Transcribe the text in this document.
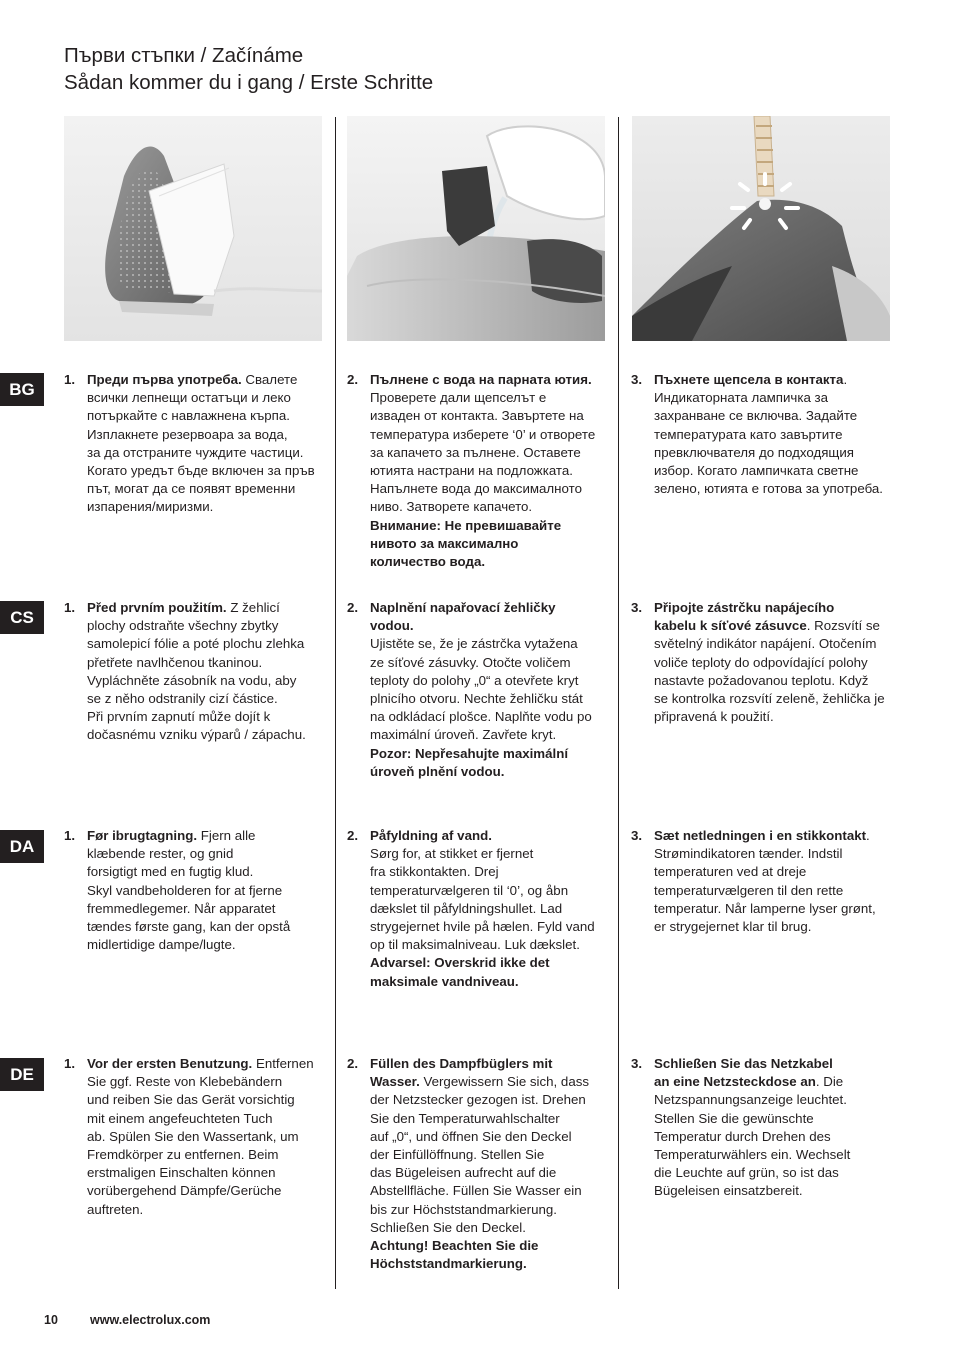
Първи стъпки / Začínáme
Sådan kommer du i gang / Erste Schritte
BG
CS
DA
DE
1. Преди първа употреба. Свалете
всички лепнещи остатъци и леко
потъркайте с навлажнена кърпа.
Изплакнете резервоара за вода,
за да отстраните чуждите частици.
Когато уредът бъде включен за пръв
път, могат да се появят временни
изпарения/миризми.
2. Пълнене с вода на парната ютия.
Проверете дали щепселът е
изваден от контакта. Завъртете на
температура изберете ‘0’ и отворете
за капачето за пълнене. Оставете
ютията настрани на подложката.
Напълнете вода до максималното
ниво. Затворете капачето.
Внимание: Не превишавайте
нивото за максимално
количество вода.
3. Пъхнете щепсела в контакта.
Индикаторната лампичка за
захранване се включва. Задайте
температурата като завъртите
превключвателя до подходящия
избор. Когато лампичката светне
зелено, ютията е готова за употреба.
1. Před prvním použitím. Z žehlicí
plochy odstraňte všechny zbytky
samolepicí fólie a poté plochu zlehka
přetřete navlhčenou tkaninou.
Vypláchněte zásobník na vodu, aby
se z něho odstranily cizí částice.
Při prvním zapnutí může dojít k
dočasnému vzniku výparů / zápachu.
2. Naplnění napařovací žehličky
vodou.
Ujistěte se, že je zástrčka vytažena
ze síťové zásuvky. Otočte voličem
teploty do polohy „0“ a otevřete kryt
plnicího otvoru. Nechte žehličku stát
na odkládací plošce. Naplňte vodu po
maximální úroveň. Zavřete kryt.
Pozor: Nepřesahujte maximální
úroveň plnění vodou.
3. Připojte zástrčku napájecího
kabelu k síťové zásuvce. Rozsvítí se
světelný indikátor napájení. Otočením
voliče teploty do odpovídající polohy
nastavte požadovanou teplotu. Když
se kontrolka rozsvítí zeleně, žehlička je
připravená k použití.
1. Før ibrugtagning. Fjern alle
klæbende rester, og gnid
forsigtigt med en fugtig klud.
Skyl vandbeholderen for at fjerne
fremmedlegemer. Når apparatet
tændes første gang, kan der opstå
midlertidige dampe/lugte.
2. Påfyldning af vand.
Sørg for, at stikket er fjernet
fra stikkontakten. Drej
temperaturvælgeren til ‘0’, og åbn
dækslet til påfyldningshullet. Lad
strygejernet hvile på hælen. Fyld vand
op til maksimalniveau. Luk dækslet.
Advarsel: Overskrid ikke det
maksimale vandniveau.
3. Sæt netledningen i en stikkontakt.
Strømindikatoren tænder. Indstil
temperaturen ved at dreje
temperaturvælgeren til den rette
temperatur. Når lamperne lyser grønt,
er strygejernet klar til brug.
1. Vor der ersten Benutzung. Entfernen
Sie ggf. Reste von Klebebändern
und reiben Sie das Gerät vorsichtig
mit einem angefeuchteten Tuch
ab. Spülen Sie den Wassertank, um
Fremdkörper zu entfernen. Beim
erstmaligen Einschalten können
vorübergehend Dämpfe/Gerüche
auftreten.
2. Füllen des Dampfbüglers mit
Wasser. Vergewissern Sie sich, dass
der Netzstecker gezogen ist. Drehen
Sie den Temperaturwahlschalter
auf „0“, und öffnen Sie den Deckel
der Einfüllöffnung. Stellen Sie
das Bügeleisen aufrecht auf die
Abstellfläche. Füllen Sie Wasser ein
bis zur Höchststandmarkierung.
Schließen Sie den Deckel.
Achtung! Beachten Sie die
Höchststandmarkierung.
3. Schließen Sie das Netzkabel
an eine Netzsteckdose an. Die
Netzspannungsanzeige leuchtet.
Stellen Sie die gewünschte
Temperatur durch Drehen des
Temperaturwählers ein. Wechselt
die Leuchte auf grün, so ist das
Bügeleisen einsatzbereit.
10	www.electrolux.com
